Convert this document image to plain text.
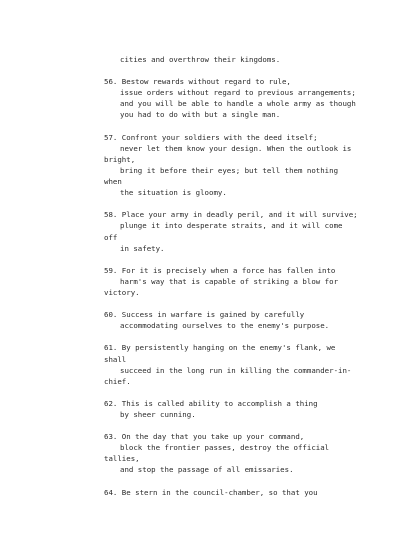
cities and overthrow their kingdoms.
56. Bestow rewards without regard to rule,
issue orders without regard to previous arrangements;
and you will be able to handle a whole army as though
you had to do with but a single man.
57. Confront your soldiers with the deed itself;
never let them know your design. When the outlook is
bright,
bring it before their eyes; but tell them nothing
when
the situation is gloomy.
58. Place your army in deadly peril, and it will survive;
plunge it into desperate straits, and it will come
off
in safety.
59. For it is precisely when a force has fallen into
harm's way that is capable of striking a blow for
victory.
60. Success in warfare is gained by carefully
accommodating ourselves to the enemy's purpose.
61. By persistently hanging on the enemy's flank, we
shall
succeed in the long run in killing the commander-in-
chief.
62. This is called ability to accomplish a thing
by sheer cunning.
63. On the day that you take up your command,
block the frontier passes, destroy the official
tallies,
and stop the passage of all emissaries.
64. Be stern in the council-chamber, so that you
